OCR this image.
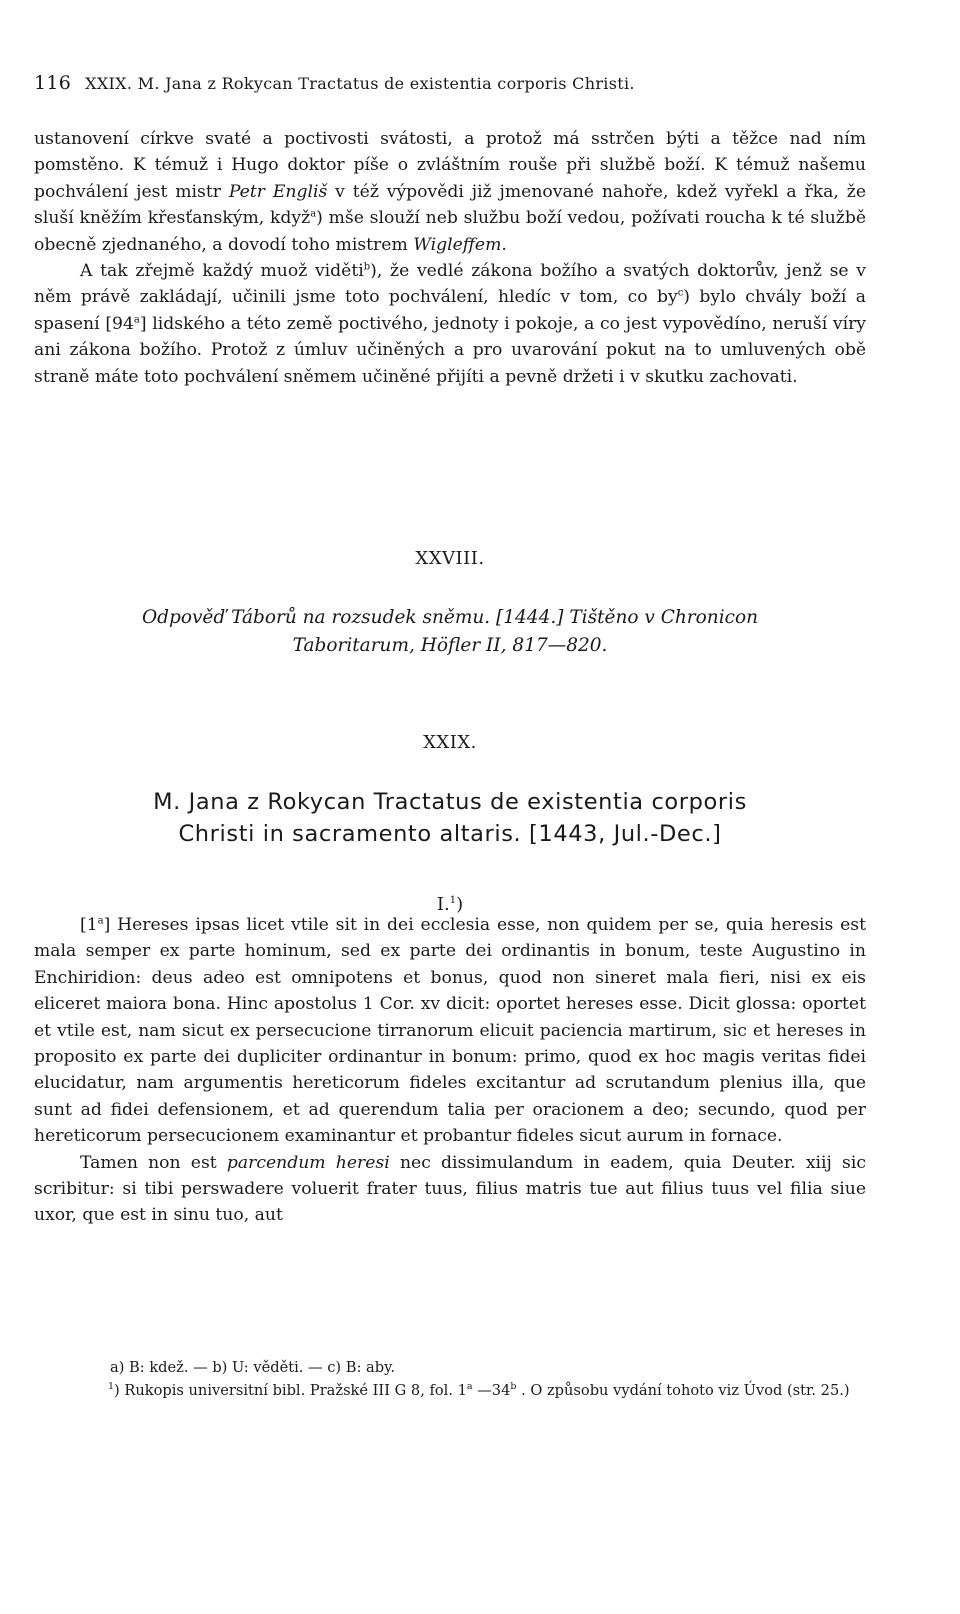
116 XXIX. M. Jana z Rokycan Tractatus de existentia corporis Christi.

ustanovení církve svaté a poctivosti svátosti, a protož má sstrčen býti a těžce nad ním pomstěno. K témuž i Hugo doktor píše o zvláštním rouše při službě boží. K témuž našemu pochválení jest mistr Petr Engliš v též výpovědi již jmenované nahoře, kdež vyřekl a řka, že sluší kněžím křesťanským, když$^a$) mše slouží neb službu boží vedou, požívati roucha k té službě obecně zjednaného, a dovodí toho mistrem Wigleffem.

A tak zřejmě každý muož viděti$^b$), že vedlé zákona božího a svatých doktorův, jenž se v něm právě zakládají, učinili jsme toto pochválení, hledíc v tom, co $by^c$) bylo chvály boží a spasení [94$^a$] lidského a této země poctivého, jednoty i pokoje, a co jest vypovědíno, neruší víry ani zákona božího. Protož z úmluv učiněných a pro uvarování pokut na to umluvených obě straně máte toto pochválení sněmem učiněné přijíti a pevně držeti i v skutku zachovati.

XXVIII.
Odpověď Táborů na rozsudek sněmu. [1444.] Tištěno v Chronicon
Taboritarum, Höfler II, 817—820.
XXIX.
M. Jana z Rokycan Tractatus de existentia corporis
Christi in sacramento altaris. [1443, Jul.-Dec.]
I.$^1$)

[1$^a$] Hereses ipsas licet vtile sit in dei ecclesia esse, non quidem per se, quia heresis est mala semper ex parte hominum, sed ex parte dei ordinantis in bonum, teste Augustino in Enchiridion: deus adeo est omnipotens et bonus, quod non sineret mala fieri, nisi ex eis eliceret maiora bona. Hinc apostolus 1 Cor. xv dicit: oportet hereses esse. Dicit glossa: oportet et vtile est, nam sicut ex persecucione tirranorum elicuit paciencia martirum, sic et hereses in proposito ex parte dei dupliciter ordinantur in bonum: primo, quod ex hoc magis veritas fidei elucidatur, nam argumentis hereticorum fideles excitantur ad scrutandum plenius illa, que sunt ad fidei defensionem, et ad querendum talia per oracionem a deo; secundo, quod per hereticorum persecucionem examinantur et probantur fideles sicut aurum in fornace.

Tamen non est parcendum heresi nec dissimulandum in eadem, quia Deuter. xiij sic scribitur: si tibi perswadere voluerit frater tuus, filius matris tue aut filius tuus vel filia siue uxor, que est in sinu tuo, aut

a) B: kdež. — b) U: věděti. — c) B: aby.

$^1$) Rukopis universitní bibl. Pražské III G 8, fol. 1$^a$ —34$^b$ . O způsobu vydání tohoto viz Úvod (str. 25.)
